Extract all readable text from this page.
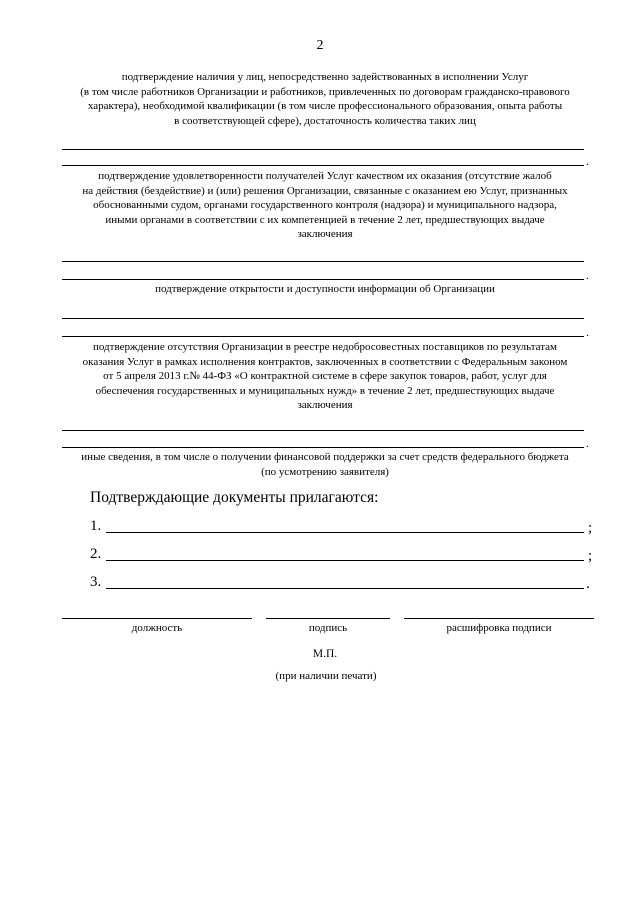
2
.
подтверждение наличия у лиц, непосредственно задействованных в исполнении Услуг
(в том числе работников Организации и работников, привлеченных по договорам гражданско-правового
характера), необходимой квалификации (в том числе профессионального образования, опыта работы
в соответствующей сфере), достаточность количества таких лиц
подтверждение удовлетворенности получателей Услуг качеством их оказания (отсутствие жалоб
на действия (бездействие) и (или) решения Организации, связанные с оказанием ею Услуг, признанных
обоснованными судом, органами государственного контроля (надзора) и муниципального надзора,
иными органами в соответствии с их компетенцией в течение 2 лет, предшествующих выдаче
заключения
.
подтверждение открытости и доступности информации об Организации
.
подтверждение отсутствия Организации в реестре недобросовестных поставщиков по результатам
оказания Услуг в рамках исполнения контрактов, заключенных в соответствии с Федеральным законом
от 5 апреля 2013 г.№ 44-ФЗ «О контрактной системе в сфере закупок товаров, работ, услуг для
обеспечения государственных и муниципальных нужд» в течение 2 лет, предшествующих выдаче
заключения
.
иные сведения, в том числе о получении финансовой поддержки за счет средств федерального бюджета
(по усмотрению заявителя)
Подтверждающие документы прилагаются:
1.	;
2.	;
3.	.
должность	подпись	расшифровка подписи
М.П.
(при наличии печати)
